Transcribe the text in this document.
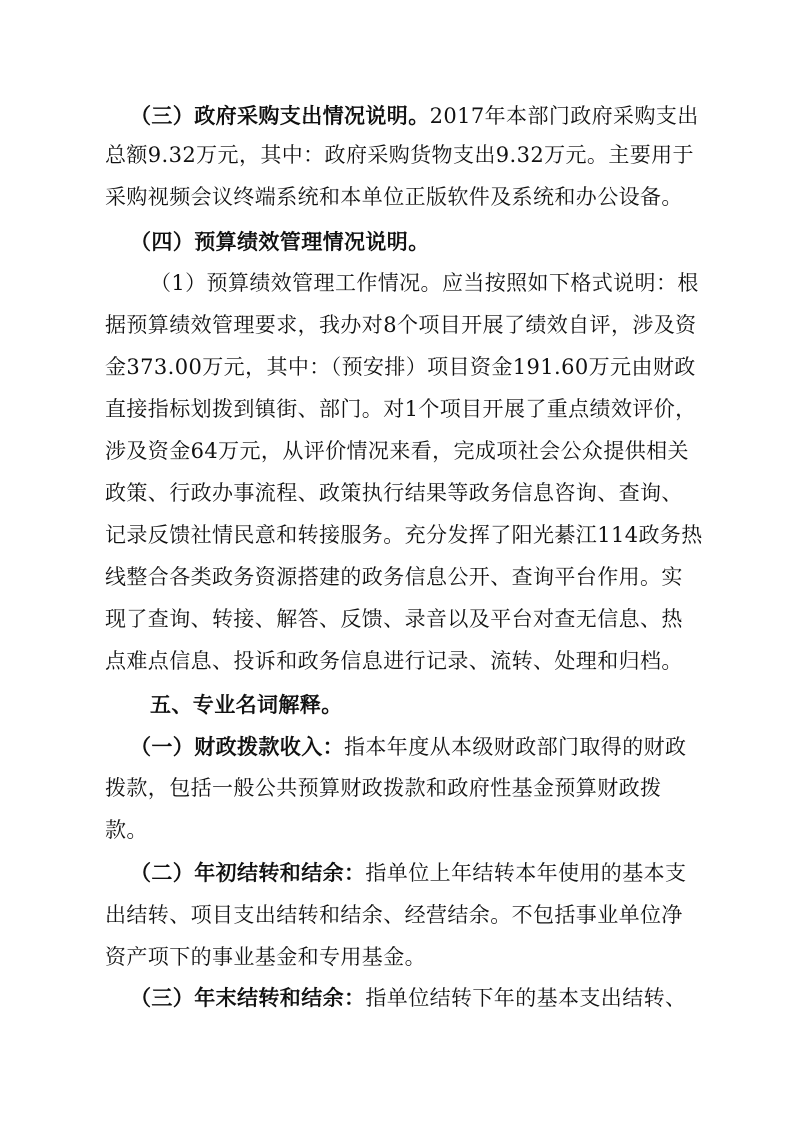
（三）政府采购支出情况说明。2017年本部门政府采购支出
总额9.32万元，其中：政府采购货物支出9.32万元。主要用于
采购视频会议终端系统和本单位正版软件及系统和办公设备。
（四）预算绩效管理情况说明。
（1）预算绩效管理工作情况。应当按照如下格式说明：根
据预算绩效管理要求，我办对8个项目开展了绩效自评，涉及资
金373.00万元，其中：（预安排）项目资金191.60万元由财政
直接指标划拨到镇街、部门。对1个项目开展了重点绩效评价，
涉及资金64万元，从评价情况来看，完成项社会公众提供相关
政策、行政办事流程、政策执行结果等政务信息咨询、查询、
记录反馈社情民意和转接服务。充分发挥了阳光綦江114政务热
线整合各类政务资源搭建的政务信息公开、查询平台作用。实
现了查询、转接、解答、反馈、录音以及平台对查无信息、热
点难点信息、投诉和政务信息进行记录、流转、处理和归档。
五、专业名词解释。
（一）财政拨款收入：指本年度从本级财政部门取得的财政
拨款，包括一般公共预算财政拨款和政府性基金预算财政拨
款。
（二）年初结转和结余：指单位上年结转本年使用的基本支
出结转、项目支出结转和结余、经营结余。不包括事业单位净
资产项下的事业基金和专用基金。
（三）年末结转和结余：指单位结转下年的基本支出结转、
